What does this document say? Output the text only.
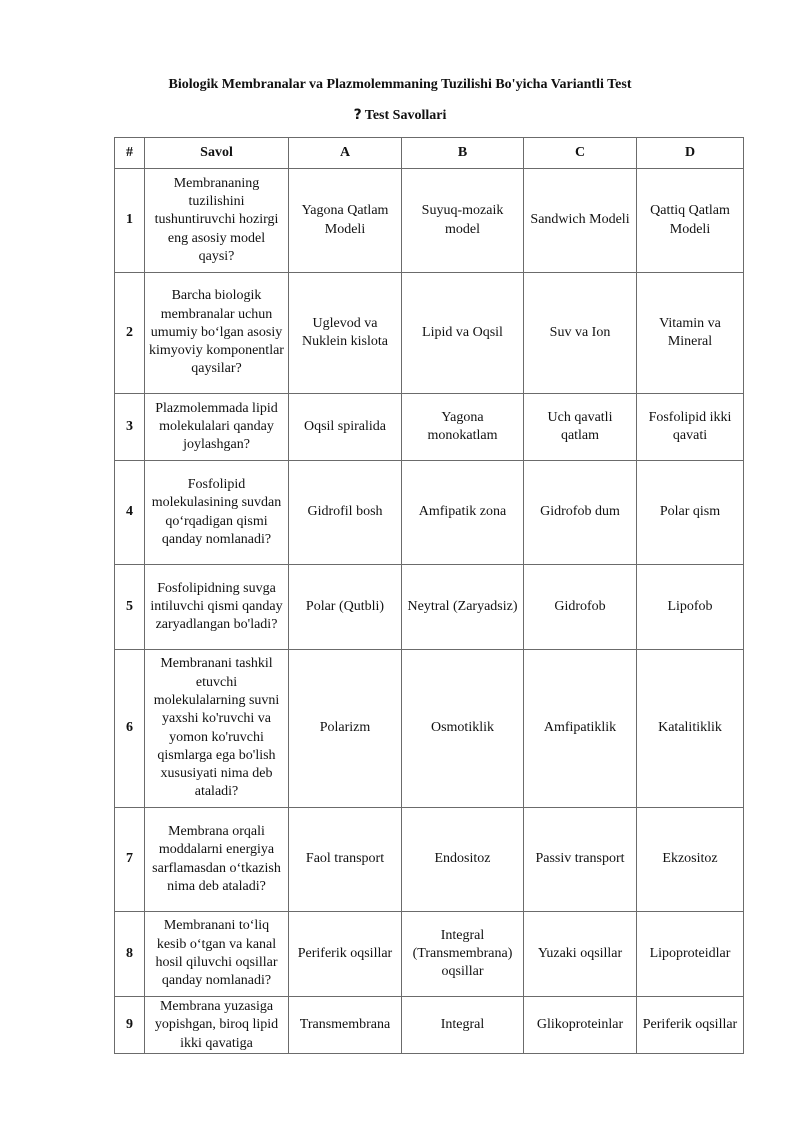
Biologik Membranalar va Plazmolemmaning Tuzilishi Bo'yicha Variantli Test
? Test Savollari
#	Savol	A	B	C	D
1	Membrananing tuzilishini tushuntiruvchi hozirgi eng asosiy model qaysi?	Yagona Qatlam Modeli	Suyuq-mozaik model	Sandwich Modeli	Qattiq Qatlam Modeli
2	Barcha biologik membranalar uchun umumiy bo‘lgan asosiy kimyoviy komponentlar qaysilar?	Uglevod va Nuklein kislota	Lipid va Oqsil	Suv va Ion	Vitamin va Mineral
3	Plazmolemmada lipid molekulalari qanday joylashgan?	Oqsil spiralida	Yagona monokatlam	Uch qavatli qatlam	Fosfolipid ikki qavati
4	Fosfolipid molekulasining suvdan qo‘rqadigan qismi qanday nomlanadi?	Gidrofil bosh	Amfipatik zona	Gidrofob dum	Polar qism
5	Fosfolipidning suvga intiluvchi qismi qanday zaryadlangan bo'ladi?	Polar (Qutbli)	Neytral (Zaryadsiz)	Gidrofob	Lipofob
6	Membranani tashkil etuvchi molekulalarning suvni yaxshi ko'ruvchi va yomon ko'ruvchi qismlarga ega bo'lish xususiyati nima deb ataladi?	Polarizm	Osmotiklik	Amfipatiklik	Katalitiklik
7	Membrana orqali moddalarni energiya sarflamasdan o‘tkazish nima deb ataladi?	Faol transport	Endositoz	Passiv transport	Ekzositoz
8	Membranani to‘liq kesib o‘tgan va kanal hosil qiluvchi oqsillar qanday nomlanadi?	Periferik oqsillar	Integral (Transmembrana) oqsillar	Yuzaki oqsillar	Lipoproteidlar
9	Membrana yuzasiga yopishgan, biroq lipid ikki qavatiga	Transmembrana	Integral	Glikoproteinlar	Periferik oqsillar
